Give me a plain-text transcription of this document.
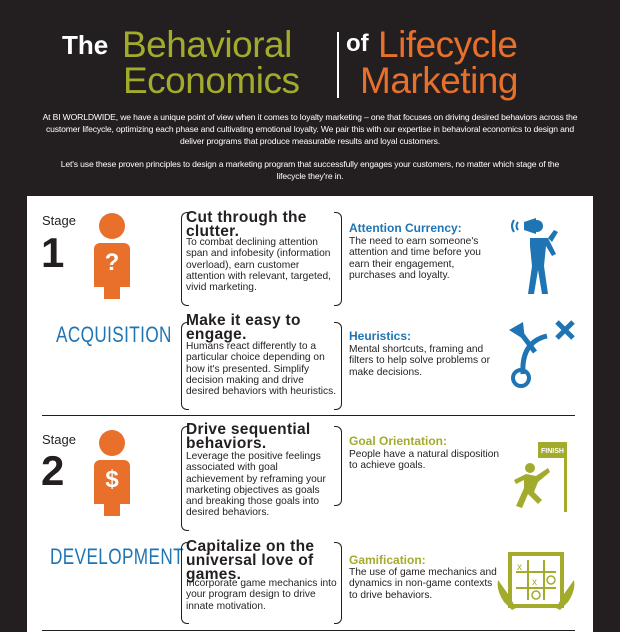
The Behavioral
Economics
of Lifecycle
Marketing

At BI WORLDWIDE, we have a unique point of view when it comes to loyalty marketing – one that focuses on driving desired behaviors across the customer lifecycle, optimizing each phase and cultivating emotional loyalty. We pair this with our expertise in behavioral economics to design and deliver programs that produce measurable results and loyal customers.

Let's use these proven principles to design a marketing program that successfully engages your customers, no matter which stage of the lifecycle they're in.

Stage
1	?
ACQUISITION
Cut through the clutter.
To combat declining attention span and infobesity (information overload), earn customer attention with relevant, targeted, vivid marketing.
Attention Currency:
The need to earn someone's attention and time before you earn their engagement, purchases and loyalty.
Make it easy to engage.
Humans react differently to a particular choice depending on how it's presented. Simplify decision making and drive desired behaviors with heuristics.
Heuristics:
Mental shortcuts, framing and filters to help solve problems or make decisions.
Stage
2	$
DEVELOPMENT
Drive sequential behaviors.
Leverage the positive feelings associated with goal achievement by reframing your marketing objectives as goals and breaking those goals into desired behaviors.
Goal Orientation:
People have a natural disposition to achieve goals.
FINISH
Capitalize on the universal love of games.
Incorporate game mechanics into your program design to drive innate motivation.
Gamification:
The use of game mechanics and dynamics in non-game contexts to drive behaviors.
x
x
